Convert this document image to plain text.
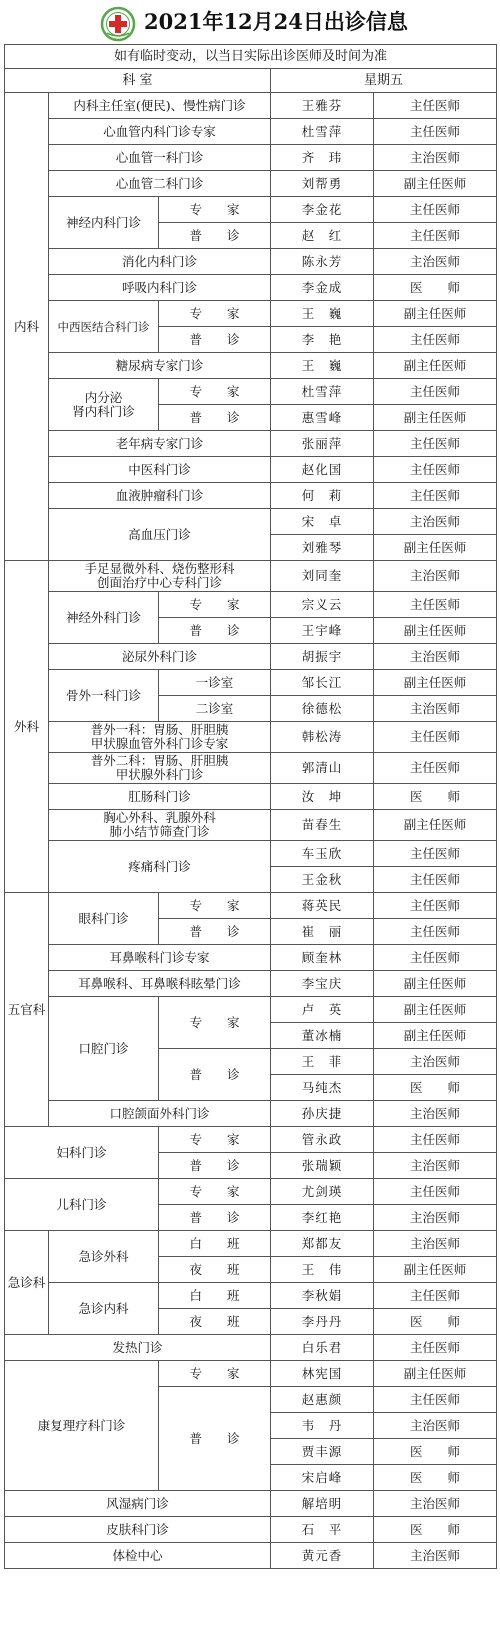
2021年12月24日出诊信息
如有临时变动，以当日实际出诊医师及时间为准				
科 室			星期五	
内科	内科主任室(便民)、慢性病门诊		王雅芬	主任医师
	心血管内科门诊专家		杜雪萍	主任医师
	心血管一科门诊		齐　玮	主治医师
	心血管二科门诊		刘帮勇	副主任医师
	神经内科门诊	专　　家	李金花	主任医师
		普　　诊	赵　红	主任医师
	消化内科门诊		陈永芳	主治医师
	呼吸内科门诊		李金成	医　　师
	中西医结合科门诊	专　　家	王　巍	副主任医师
		普　　诊	李　艳	主任医师
	糖尿病专家门诊		王　巍	副主任医师
	内分泌
肾内科门诊	专　　家	杜雪萍	主任医师
		普　　诊	惠雪峰	副主任医师
	老年病专家门诊		张丽萍	主任医师
	中医科门诊		赵化国	主任医师
	血液肿瘤科门诊		何　莉	主任医师
	高血压门诊		宋　卓	主治医师
			刘雅琴	副主任医师
外科	手足显微外科、烧伤整形科
创面治疗中心专科门诊		刘同奎	主治医师
	神经外科门诊	专　　家	宗义云	主任医师
		普　　诊	王宇峰	副主任医师
	泌尿外科门诊		胡振宇	主治医师
	骨外一科门诊	一诊室	邹长江	副主任医师
		二诊室	徐德松	主治医师
	普外一科：胃肠、肝胆胰
甲状腺血管外科门诊专家		韩松涛	主任医师
	普外二科：胃肠、肝胆胰
甲状腺外科门诊		郭清山	主任医师
	肛肠科门诊		汝　坤	医　　师
	胸心外科、乳腺外科
肺小结节筛查门诊		苗春生	副主任医师
	疼痛科门诊		车玉欣	主任医师
			王金秋	主任医师
五官科	眼科门诊	专　　家	蒋英民	主任医师
		普　　诊	崔　丽	主任医师
	耳鼻喉科门诊专家		顾奎林	主任医师
	耳鼻喉科、耳鼻喉科眩晕门诊		李宝庆	副主任医师
	口腔门诊	专　　家	卢　英	副主任医师
			董冰楠	副主任医师
		普　　诊	王　菲	主治医师
			马纯杰	医　　师
	口腔颌面外科门诊		孙庆捷	主治医师
妇科门诊		专　　家	管永政	主任医师
		普　　诊	张瑞颖	主治医师
儿科门诊		专　　家	尤剑瑛	主任医师
		普　　诊	李红艳	主治医师
急诊科	急诊外科	白　　班	郑都友	主治医师
		夜　　班	王　伟	副主任医师
	急诊内科	白　　班	李秋娟	主任医师
		夜　　班	李丹丹	医　　师
发热门诊			白乐君	主任医师
康复理疗科门诊		专　　家	林宪国	副主任医师
		普　　诊	赵惠颜	主任医师
			韦　丹	主治医师
			贾丰源	医　　师
			宋启峰	医　　师
风湿病门诊			解培明	主治医师
皮肤科门诊			石　平	医　　师
体检中心			黄元香	主治医师
